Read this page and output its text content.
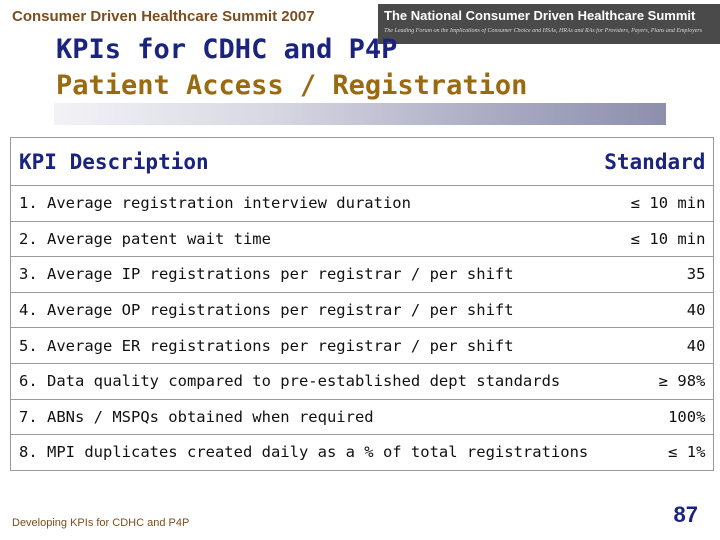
Consumer Driven Healthcare Summit 2007	The National Consumer Driven Healthcare Summit
The Leading Forum on the Implications of Consumer Choice and HSAs, HRAs and RAs for Providers, Payers, Plans and Employers
KPIs for CDHC and P4P
Patient Access / Registration
KPI Description	Standard
1. Average registration interview duration	≤ 10 min
2. Average patent wait time	≤ 10 min
3. Average IP registrations per registrar / per shift	35
4. Average OP registrations per registrar / per shift	40
5. Average ER registrations per registrar / per shift	40
6. Data quality compared to pre-established dept standards	≥ 98%
7. ABNs / MSPQs obtained when required	100%
8. MPI duplicates created daily as a % of total registrations	≤ 1%
Developing KPIs for CDHC and P4P	87
